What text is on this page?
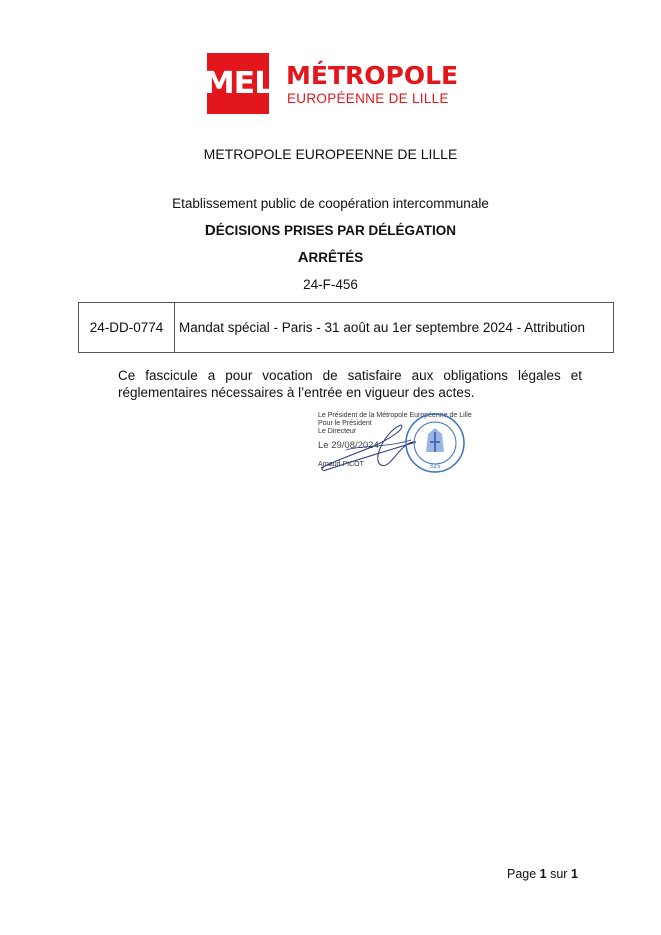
MEL MÉTROPOLE
EUROPÉENNE DE LILLE
METROPOLE EUROPEENNE DE LILLE
Etablissement public de coopération intercommunale
DÉCISIONS PRISES PAR DÉLÉGATION
ARRÊTÉS
24-F-456
24-DD-0774	Mandat spécial - Paris - 31 août au 1er septembre 2024 - Attribution
Ce fascicule a pour vocation de satisfaire aux obligations légales et réglementaires nécessaires à l’entrée en vigueur des actes.
Le Président de la Métropole Européenne de Lille
Pour le Président
Le Directeur
Le 29/08/2024
Arnaud PICOT	325
Page 1 sur 1
